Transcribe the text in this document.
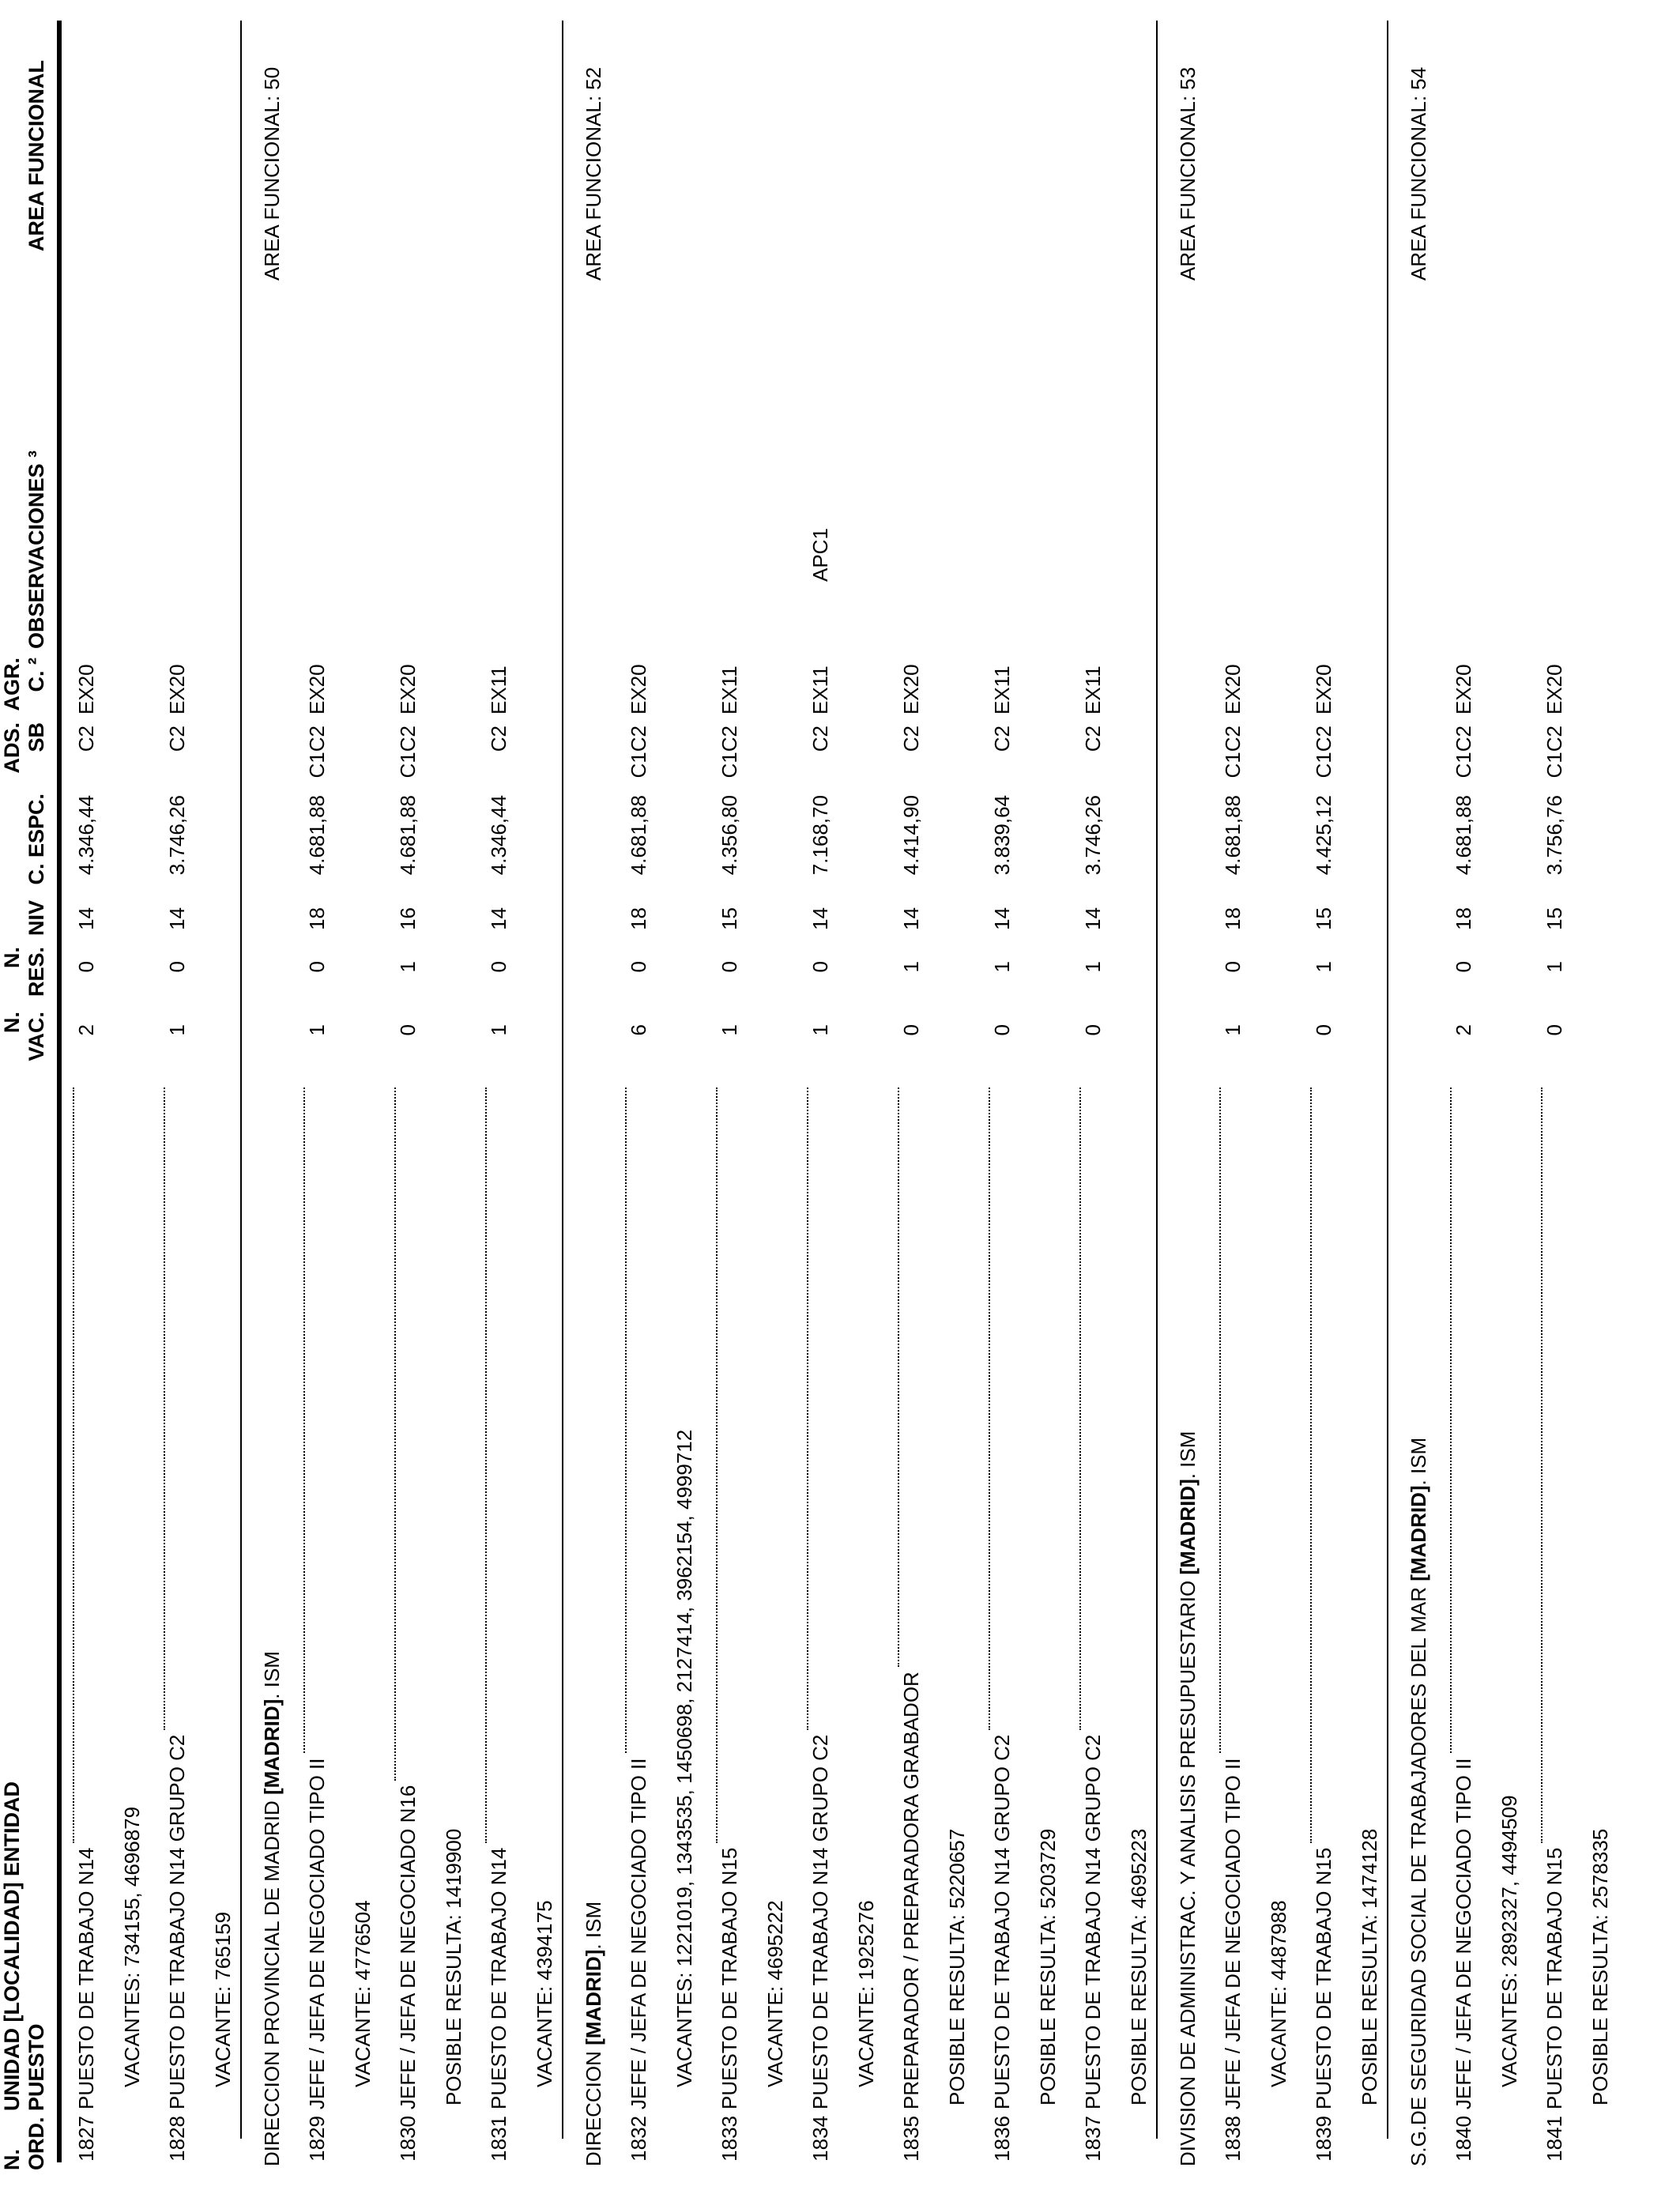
N. ORD.
UNIDAD [LOCALIDAD] ENTIDAD PUESTO
N. VAC.
N. RES.
NIV
C. ESPC.
ADS. SB
AGR. C. ²
OBSERVACIONES ³
AREA FUNCIONAL
1827
PUESTO DE TRABAJO N14
2
0
14
4.346,44
C2
EX20
VACANTES: 734155, 4696879
1828
PUESTO DE TRABAJO N14 GRUPO C2
1
0
14
3.746,26
C2
EX20
VACANTE: 765159 DIRECCION PROVINCIAL DE MADRID [MADRID]. ISM
AREA FUNCIONAL: 50
1829
JEFE / JEFA DE NEGOCIADO TIPO II
1
0
18
4.681,88
C1C2
EX20
VACANTE: 4776504
1830
JEFE / JEFA DE NEGOCIADO N16
0
1
16
4.681,88
C1C2
EX20
POSIBLE RESULTA: 1419900
1831
PUESTO DE TRABAJO N14
1
0
14
4.346,44
C2
EX11
VACANTE: 4394175
DIRECCION [MADRID]. ISM
AREA FUNCIONAL: 52
1832
JEFE / JEFA DE NEGOCIADO TIPO II
6
0
18
4.681,88
C1C2
EX20
VACANTES: 1221019, 1343535, 1450698, 2127414, 3962154, 4999712
1833
PUESTO DE TRABAJO N15
1
0
15
4.356,80
C1C2
EX11
VACANTE: 4695222
1834
PUESTO DE TRABAJO N14 GRUPO C2
1
0
14
7.168,70
C2
EX11
APC1
VACANTE: 1925276
1835
PREPARADOR / PREPARADORA GRABADOR
0
1
14
4.414,90
C2
EX20
POSIBLE RESULTA: 5220657
1836
PUESTO DE TRABAJO N14 GRUPO C2
0
1
14
3.839,64
C2
EX11
POSIBLE RESULTA: 5203729
1837
PUESTO DE TRABAJO N14 GRUPO C2
0
1
14
3.746,26
C2
EX11
POSIBLE RESULTA: 4695223 DIVISION DE ADMINISTRAC. Y ANALISIS PRESUPUESTARIO [MADRID]. ISM
AREA FUNCIONAL: 53
1838
JEFE / JEFA DE NEGOCIADO TIPO II
1
0
18
4.681,88
C1C2
EX20
VACANTE: 4487988
1839
PUESTO DE TRABAJO N15
0
1
15
4.425,12
C1C2
EX20
POSIBLE RESULTA: 1474128 S.G.DE SEGURIDAD SOCIAL DE TRABAJADORES DEL MAR [MADRID]. ISM
AREA FUNCIONAL: 54
1840
JEFE / JEFA DE NEGOCIADO TIPO II
2
0
18
4.681,88
C1C2
EX20
VACANTES: 2892327, 4494509
1841
PUESTO DE TRABAJO N15
0
1
15
3.756,76
C1C2
EX20
POSIBLE RESULTA: 2578335
